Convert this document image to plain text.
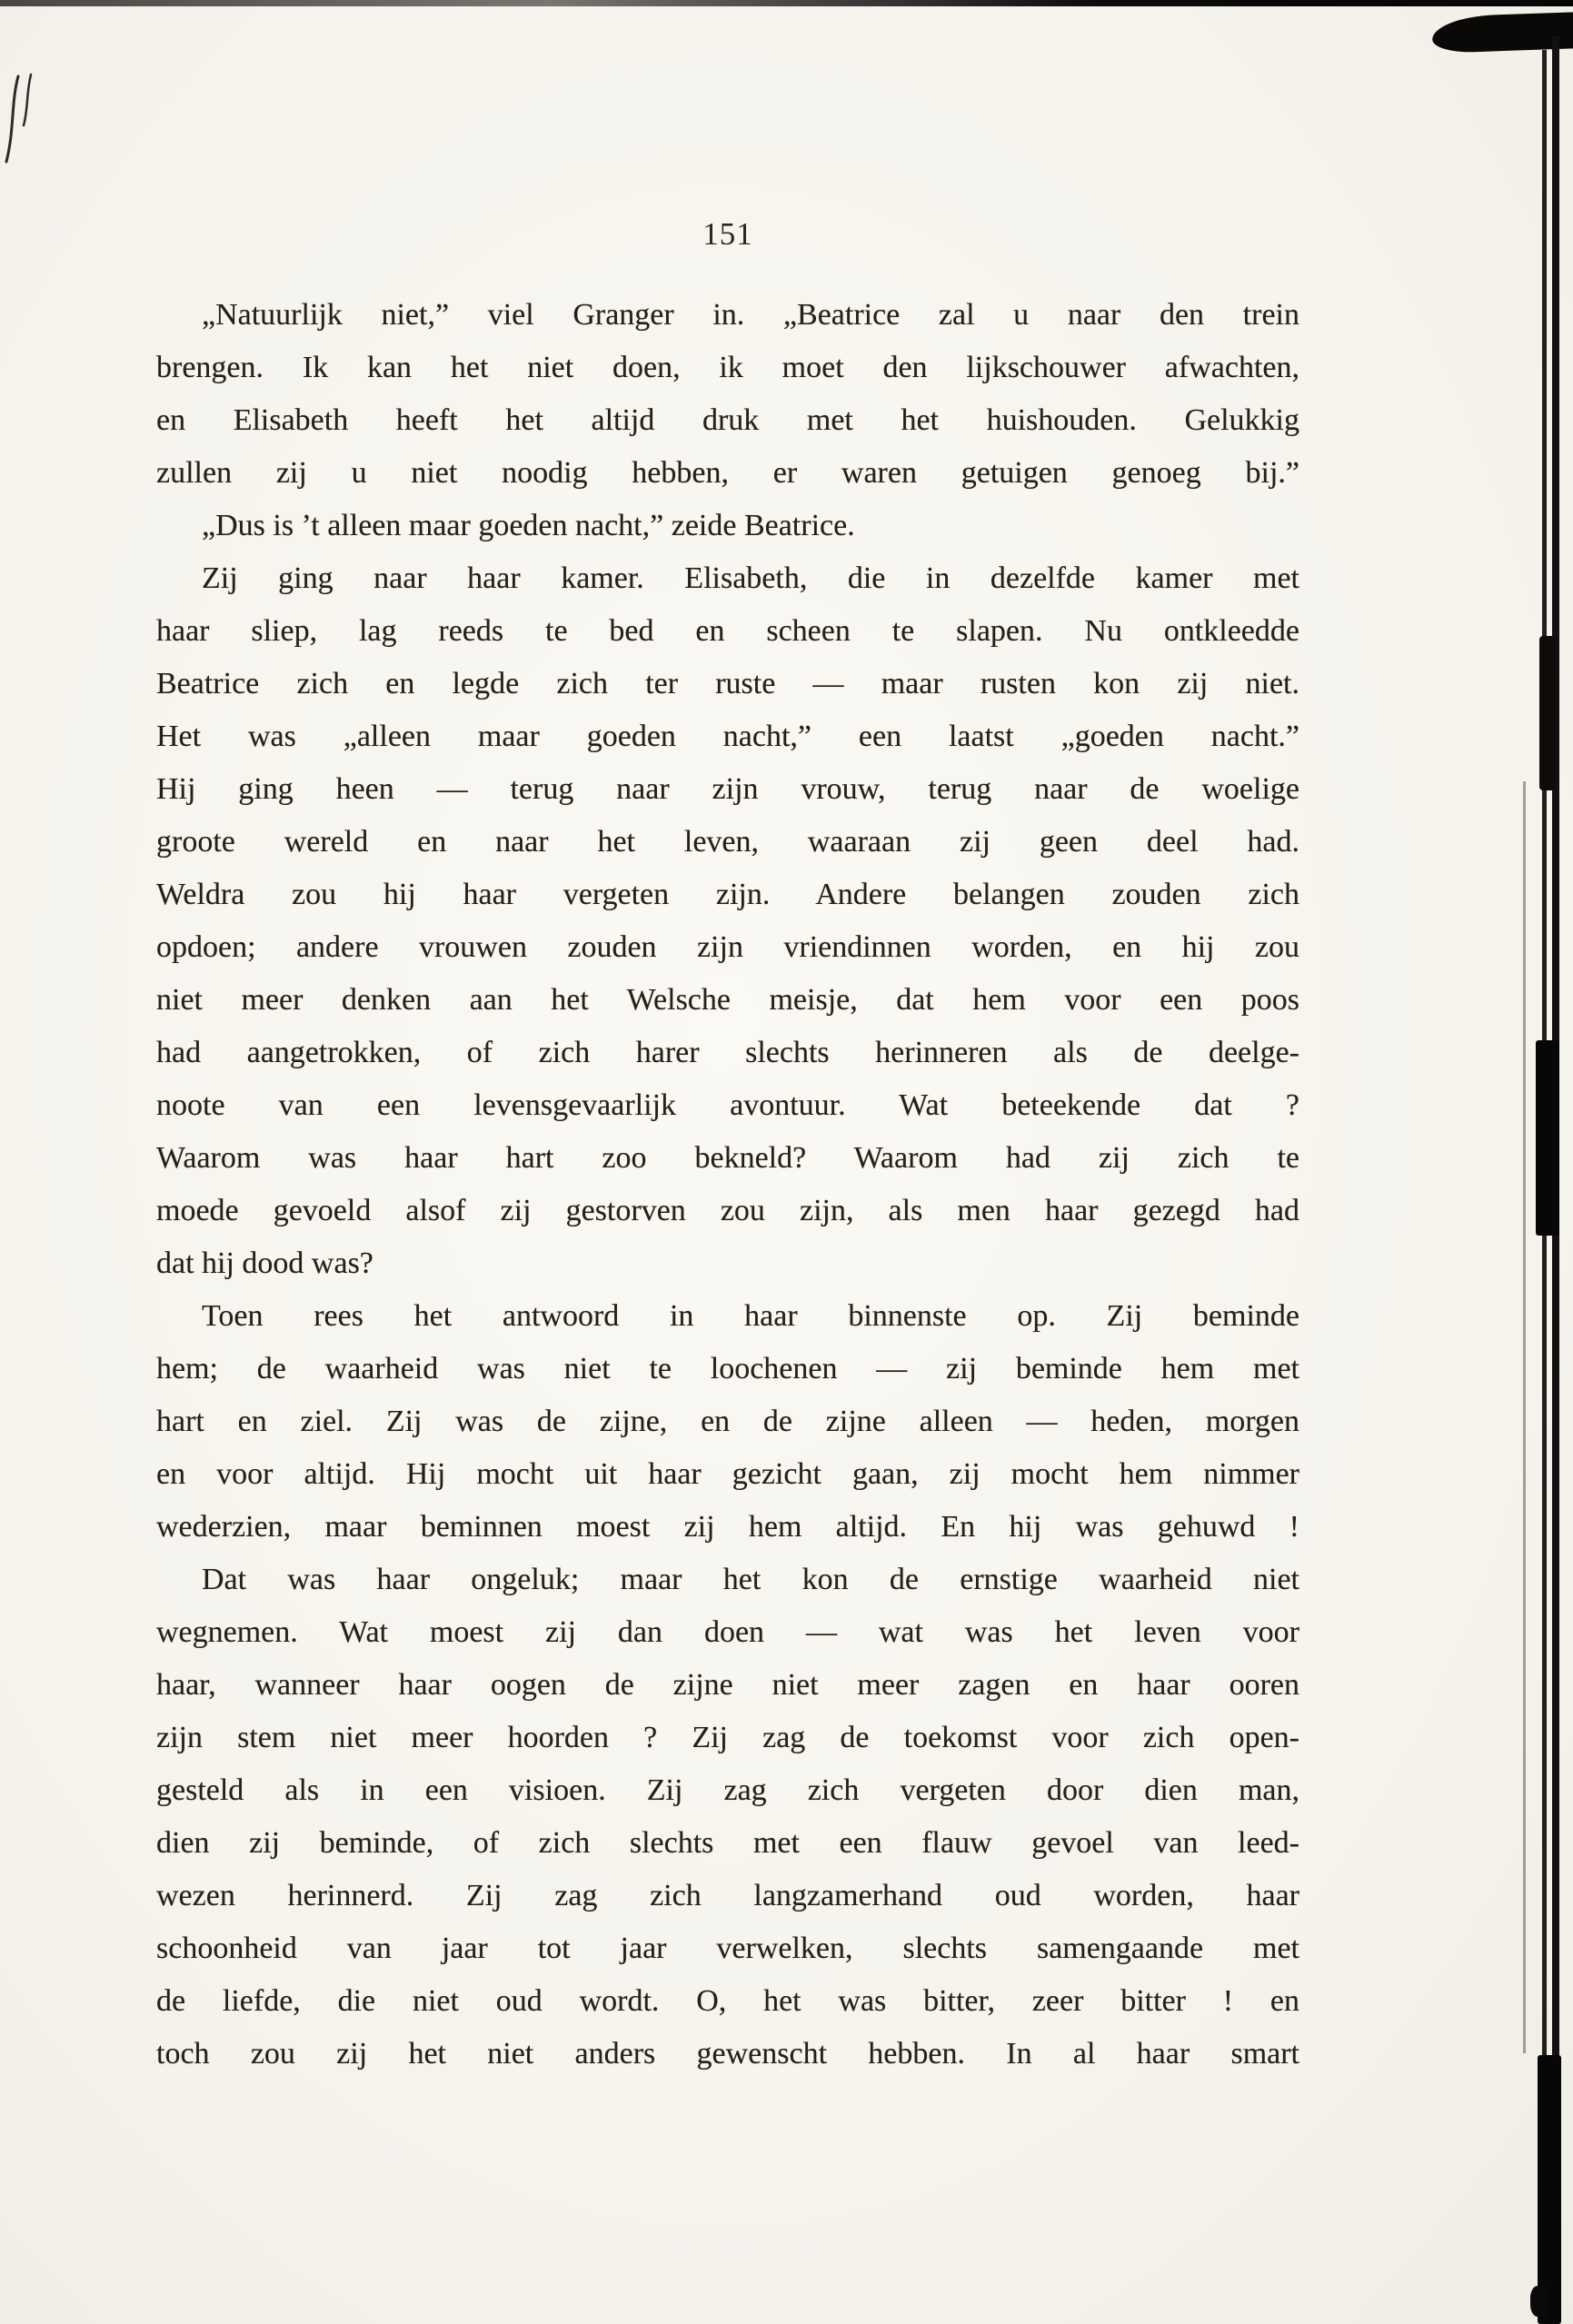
151
„Natuurlijk niet,” viel Granger in. „Beatrice zal u naar den trein
brengen. Ik kan het niet doen, ik moet den lijkschouwer afwachten,
en Elisabeth heeft het altijd druk met het huishouden. Gelukkig
zullen zij u niet noodig hebben, er waren getuigen genoeg bij.”
„Dus is ’t alleen maar goeden nacht,” zeide Beatrice.
Zij ging naar haar kamer. Elisabeth, die in dezelfde kamer met
haar sliep, lag reeds te bed en scheen te slapen. Nu ontkleedde
Beatrice zich en legde zich ter ruste — maar rusten kon zij niet.
Het was „alleen maar goeden nacht,” een laatst „goeden nacht.”
Hij ging heen — terug naar zijn vrouw, terug naar de woelige
groote wereld en naar het leven, waaraan zij geen deel had.
Weldra zou hij haar vergeten zijn. Andere belangen zouden zich
opdoen; andere vrouwen zouden zijn vriendinnen worden, en hij zou
niet meer denken aan het Welsche meisje, dat hem voor een poos
had aangetrokken, of zich harer slechts herinneren als de deelge-
noote van een levensgevaarlijk avontuur. Wat beteekende dat ?
Waarom was haar hart zoo bekneld? Waarom had zij zich te
moede gevoeld alsof zij gestorven zou zijn, als men haar gezegd had
dat hij dood was?
Toen rees het antwoord in haar binnenste op. Zij beminde
hem; de waarheid was niet te loochenen — zij beminde hem met
hart en ziel. Zij was de zijne, en de zijne alleen — heden, morgen
en voor altijd. Hij mocht uit haar gezicht gaan, zij mocht hem nimmer
wederzien, maar beminnen moest zij hem altijd. En hij was gehuwd !
Dat was haar ongeluk; maar het kon de ernstige waarheid niet
wegnemen. Wat moest zij dan doen — wat was het leven voor
haar, wanneer haar oogen de zijne niet meer zagen en haar ooren
zijn stem niet meer hoorden ? Zij zag de toekomst voor zich open-
gesteld als in een visioen. Zij zag zich vergeten door dien man,
dien zij beminde, of zich slechts met een flauw gevoel van leed-
wezen herinnerd. Zij zag zich langzamerhand oud worden, haar
schoonheid van jaar tot jaar verwelken, slechts samengaande met
de liefde, die niet oud wordt. O, het was bitter, zeer bitter ! en
toch zou zij het niet anders gewenscht hebben. In al haar smart
